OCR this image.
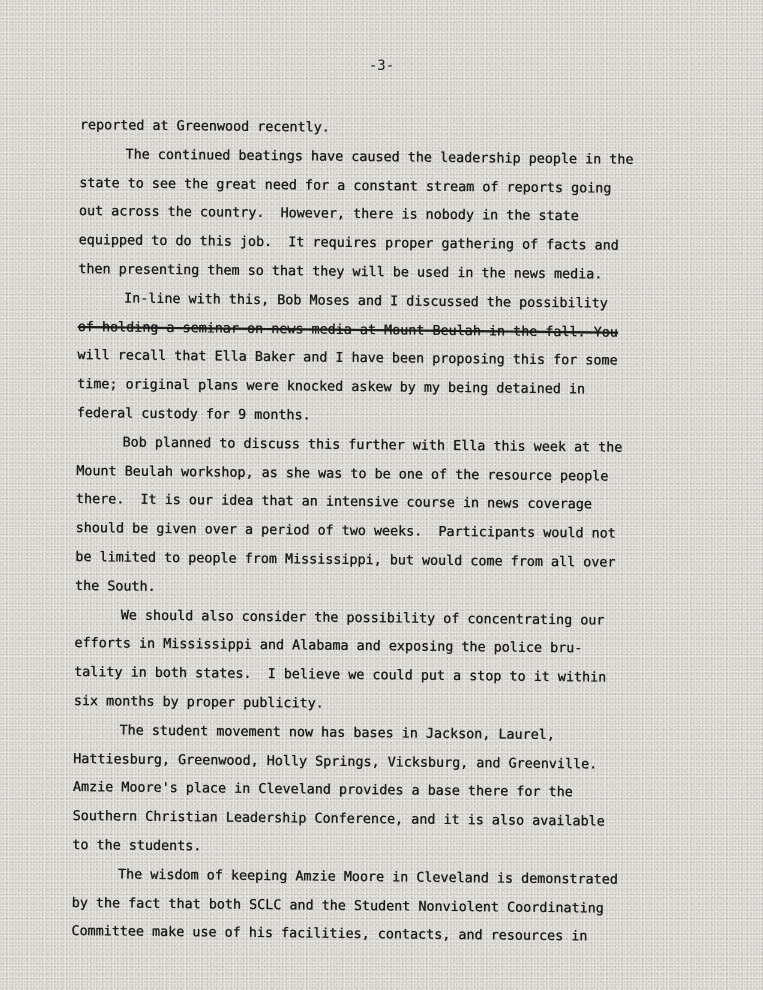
-3-
reported at Greenwood recently.
The continued beatings have caused the leadership people in the
state to see the great need for a constant stream of reports going
out across the country.  However, there is nobody in the state
equipped to do this job.  It requires proper gathering of facts and
then presenting them so that they will be used in the news media.
In-line with this, Bob Moses and I discussed the possibility
of holding a seminar on news media at Mount Beulah in the fall. You
will recall that Ella Baker and I have been proposing this for some
time; original plans were knocked askew by my being detained in
federal custody for 9 months.
Bob planned to discuss this further with Ella this week at the
Mount Beulah workshop, as she was to be one of the resource people
there.  It is our idea that an intensive course in news coverage
should be given over a period of two weeks.  Participants would not
be limited to people from Mississippi, but would come from all over
the South.
We should also consider the possibility of concentrating our
efforts in Mississippi and Alabama and exposing the police bru-
tality in both states.  I believe we could put a stop to it within
six months by proper publicity.
The student movement now has bases in Jackson, Laurel,
Hattiesburg, Greenwood, Holly Springs, Vicksburg, and Greenville.
Amzie Moore's place in Cleveland provides a base there for the
Southern Christian Leadership Conference, and it is also available
to the students.
The wisdom of keeping Amzie Moore in Cleveland is demonstrated
by the fact that both SCLC and the Student Nonviolent Coordinating
Committee make use of his facilities, contacts, and resources in
